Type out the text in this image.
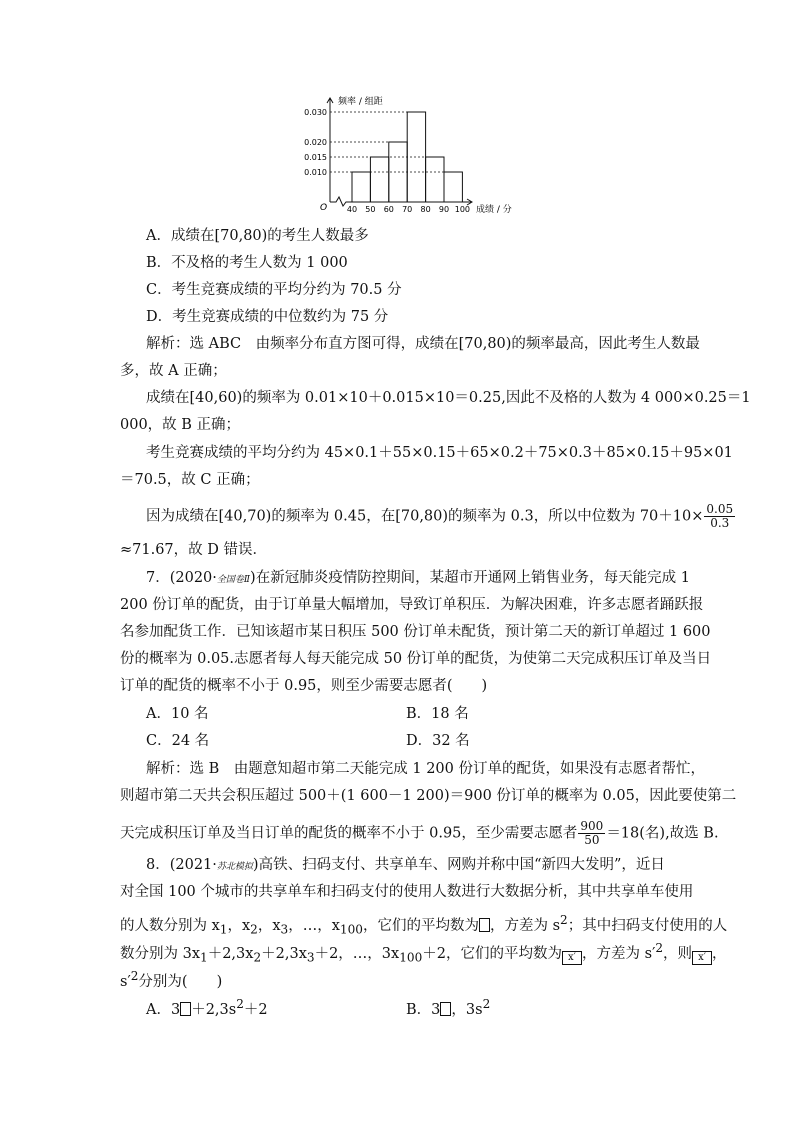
频率 / 组距
成绩 / 分
O
0.010
0.015
0.020
0.030
40 50 60 70 80 90 100
A．成绩在[70,80)的考生人数最多
B．不及格的考生人数为 1 000
C．考生竞赛成绩的平均分约为 70.5 分
D．考生竞赛成绩的中位数约为 75 分
解析：选 ABC　由频率分布直方图可得，成绩在[70,80)的频率最高，因此考生人数最
多，故 A 正确；
成绩在[40,60)的频率为 0.01×10＋0.015×10＝0.25,因此不及格的人数为 4 000×0.25＝1
000，故 B 正确；
考生竞赛成绩的平均分约为 45×0.1＋55×0.15＋65×0.2＋75×0.3＋85×0.15＋95×01
＝70.5，故 C 正确；
因为成绩在[40,70)的频率为 0.45，在[70,80)的频率为 0.3，所以中位数为 $70+10\times \frac{0.05}{0.3}$
≈71.67，故 D 错误．
7．(2020·全国卷Ⅱ)在新冠肺炎疫情防控期间，某超市开通网上销售业务，每天能完成 1
200 份订单的配货，由于订单量大幅增加，导致订单积压．为解决困难，许多志愿者踊跃报
名参加配货工作．已知该超市某日积压 500 份订单未配货，预计第二天的新订单超过 1 600
份的概率为 0.05.志愿者每人每天能完成 50 份订单的配货，为使第二天完成积压订单及当日
订单的配货的概率不小于 0.95，则至少需要志愿者(　　)
A．10 名	B．18 名
C．24 名	D．32 名
解析：选 B　由题意知超市第二天能完成 1 200 份订单的配货，如果没有志愿者帮忙，
则超市第二天共会积压超过 500＋(1 600－1 200)＝900 份订单的概率为 0.05，因此要使第二
天完成积压订单及当日订单的配货的概率不小于 0.95，至少需要志愿者 $\frac{900}{50} =18$(名),故选 B.
8．(2021·苏北模拟)高铁、扫码支付、共享单车、网购并称中国“新四大发明”，近日
对全国 100 个城市的共享单车和扫码支付的使用人数进行大数据分析，其中共享单车使用
的人数分别为 $x_1$，$x_2$，$x_3$，…，$x_{100}$，它们的平均数为 ，方差为 $s^2$；其中扫码支付使用的人
数分别为 $3x_1+2,3x_2+2,3x_3+2$，…，$3x_{100}+2$，它们的平均数为 x′ ，方差为 $s'^2$，则 x′ ，
$s'^2$分别为(　　)
A．$3 +2,3s^2+2$	B．3 ，$3s^2$
